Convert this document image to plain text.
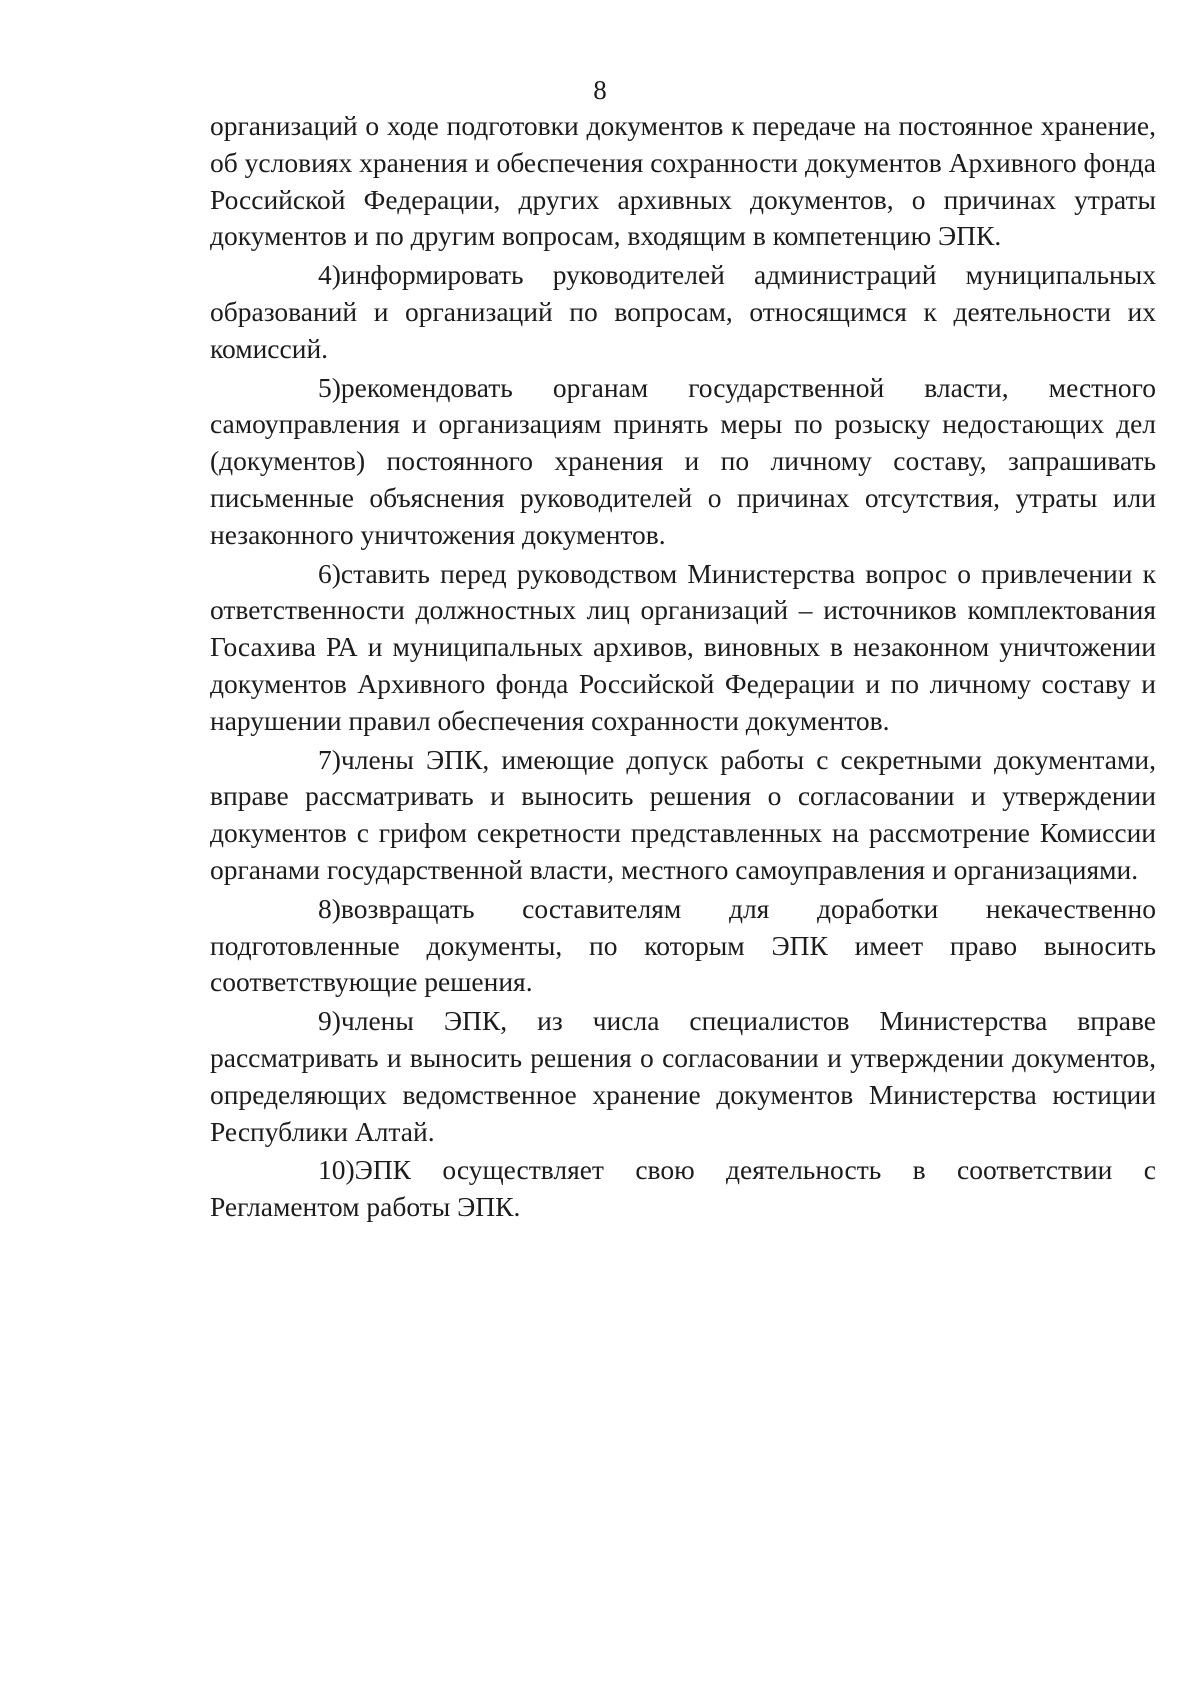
8

организаций о ходе подготовки документов к передаче на постоянное хранение, об условиях хранения и обеспечения сохранности документов Архивного фонда Российской Федерации, других архивных документов, о причинах утраты документов и по другим вопросам, входящим в компетенцию ЭПК.

4)информировать руководителей администраций муниципальных образований и организаций по вопросам, относящимся к деятельности их комиссий.

5)рекомендовать органам государственной власти, местного самоуправления и организациям принять меры по розыску недостающих дел (документов) постоянного хранения и по личному составу, запрашивать письменные объяснения руководителей о причинах отсутствия, утраты или незаконного уничтожения документов.

6)ставить перед руководством Министерства вопрос о привлечении к ответственности должностных лиц организаций – источников комплектования Госахива РА и муниципальных архивов, виновных в незаконном уничтожении документов Архивного фонда Российской Федерации и по личному составу и нарушении правил обеспечения сохранности документов.

7)члены ЭПК, имеющие допуск работы с секретными документами, вправе рассматривать и выносить решения о согласовании и утверждении документов с грифом секретности представленных на рассмотрение Комиссии органами государственной власти, местного самоуправления и организациями.

8)возвращать составителям для доработки некачественно подготовленные документы, по которым ЭПК имеет право выносить соответствующие решения.

9)члены ЭПК, из числа специалистов Министерства вправе рассматривать и выносить решения о согласовании и утверждении документов, определяющих ведомственное хранение документов Министерства юстиции Республики Алтай.

10)ЭПК осуществляет свою деятельность в соответствии с Регламентом работы ЭПК.
